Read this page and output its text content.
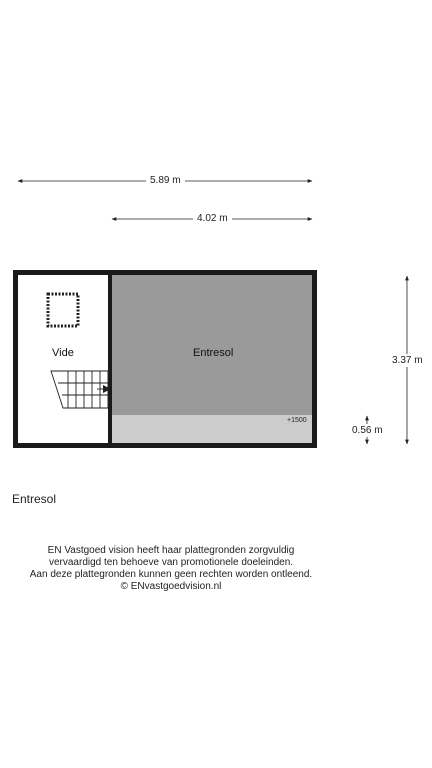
5.89 m
4.02 m
3.37 m
0.56 m
Vide	Entresol
+1500
Entresol
EN Vastgoed vision heeft haar plattegronden zorgvuldig
vervaardigd ten behoeve van promotionele doeleinden.
Aan deze plattegronden kunnen geen rechten worden ontleend.
© ENvastgoedvision.nl
